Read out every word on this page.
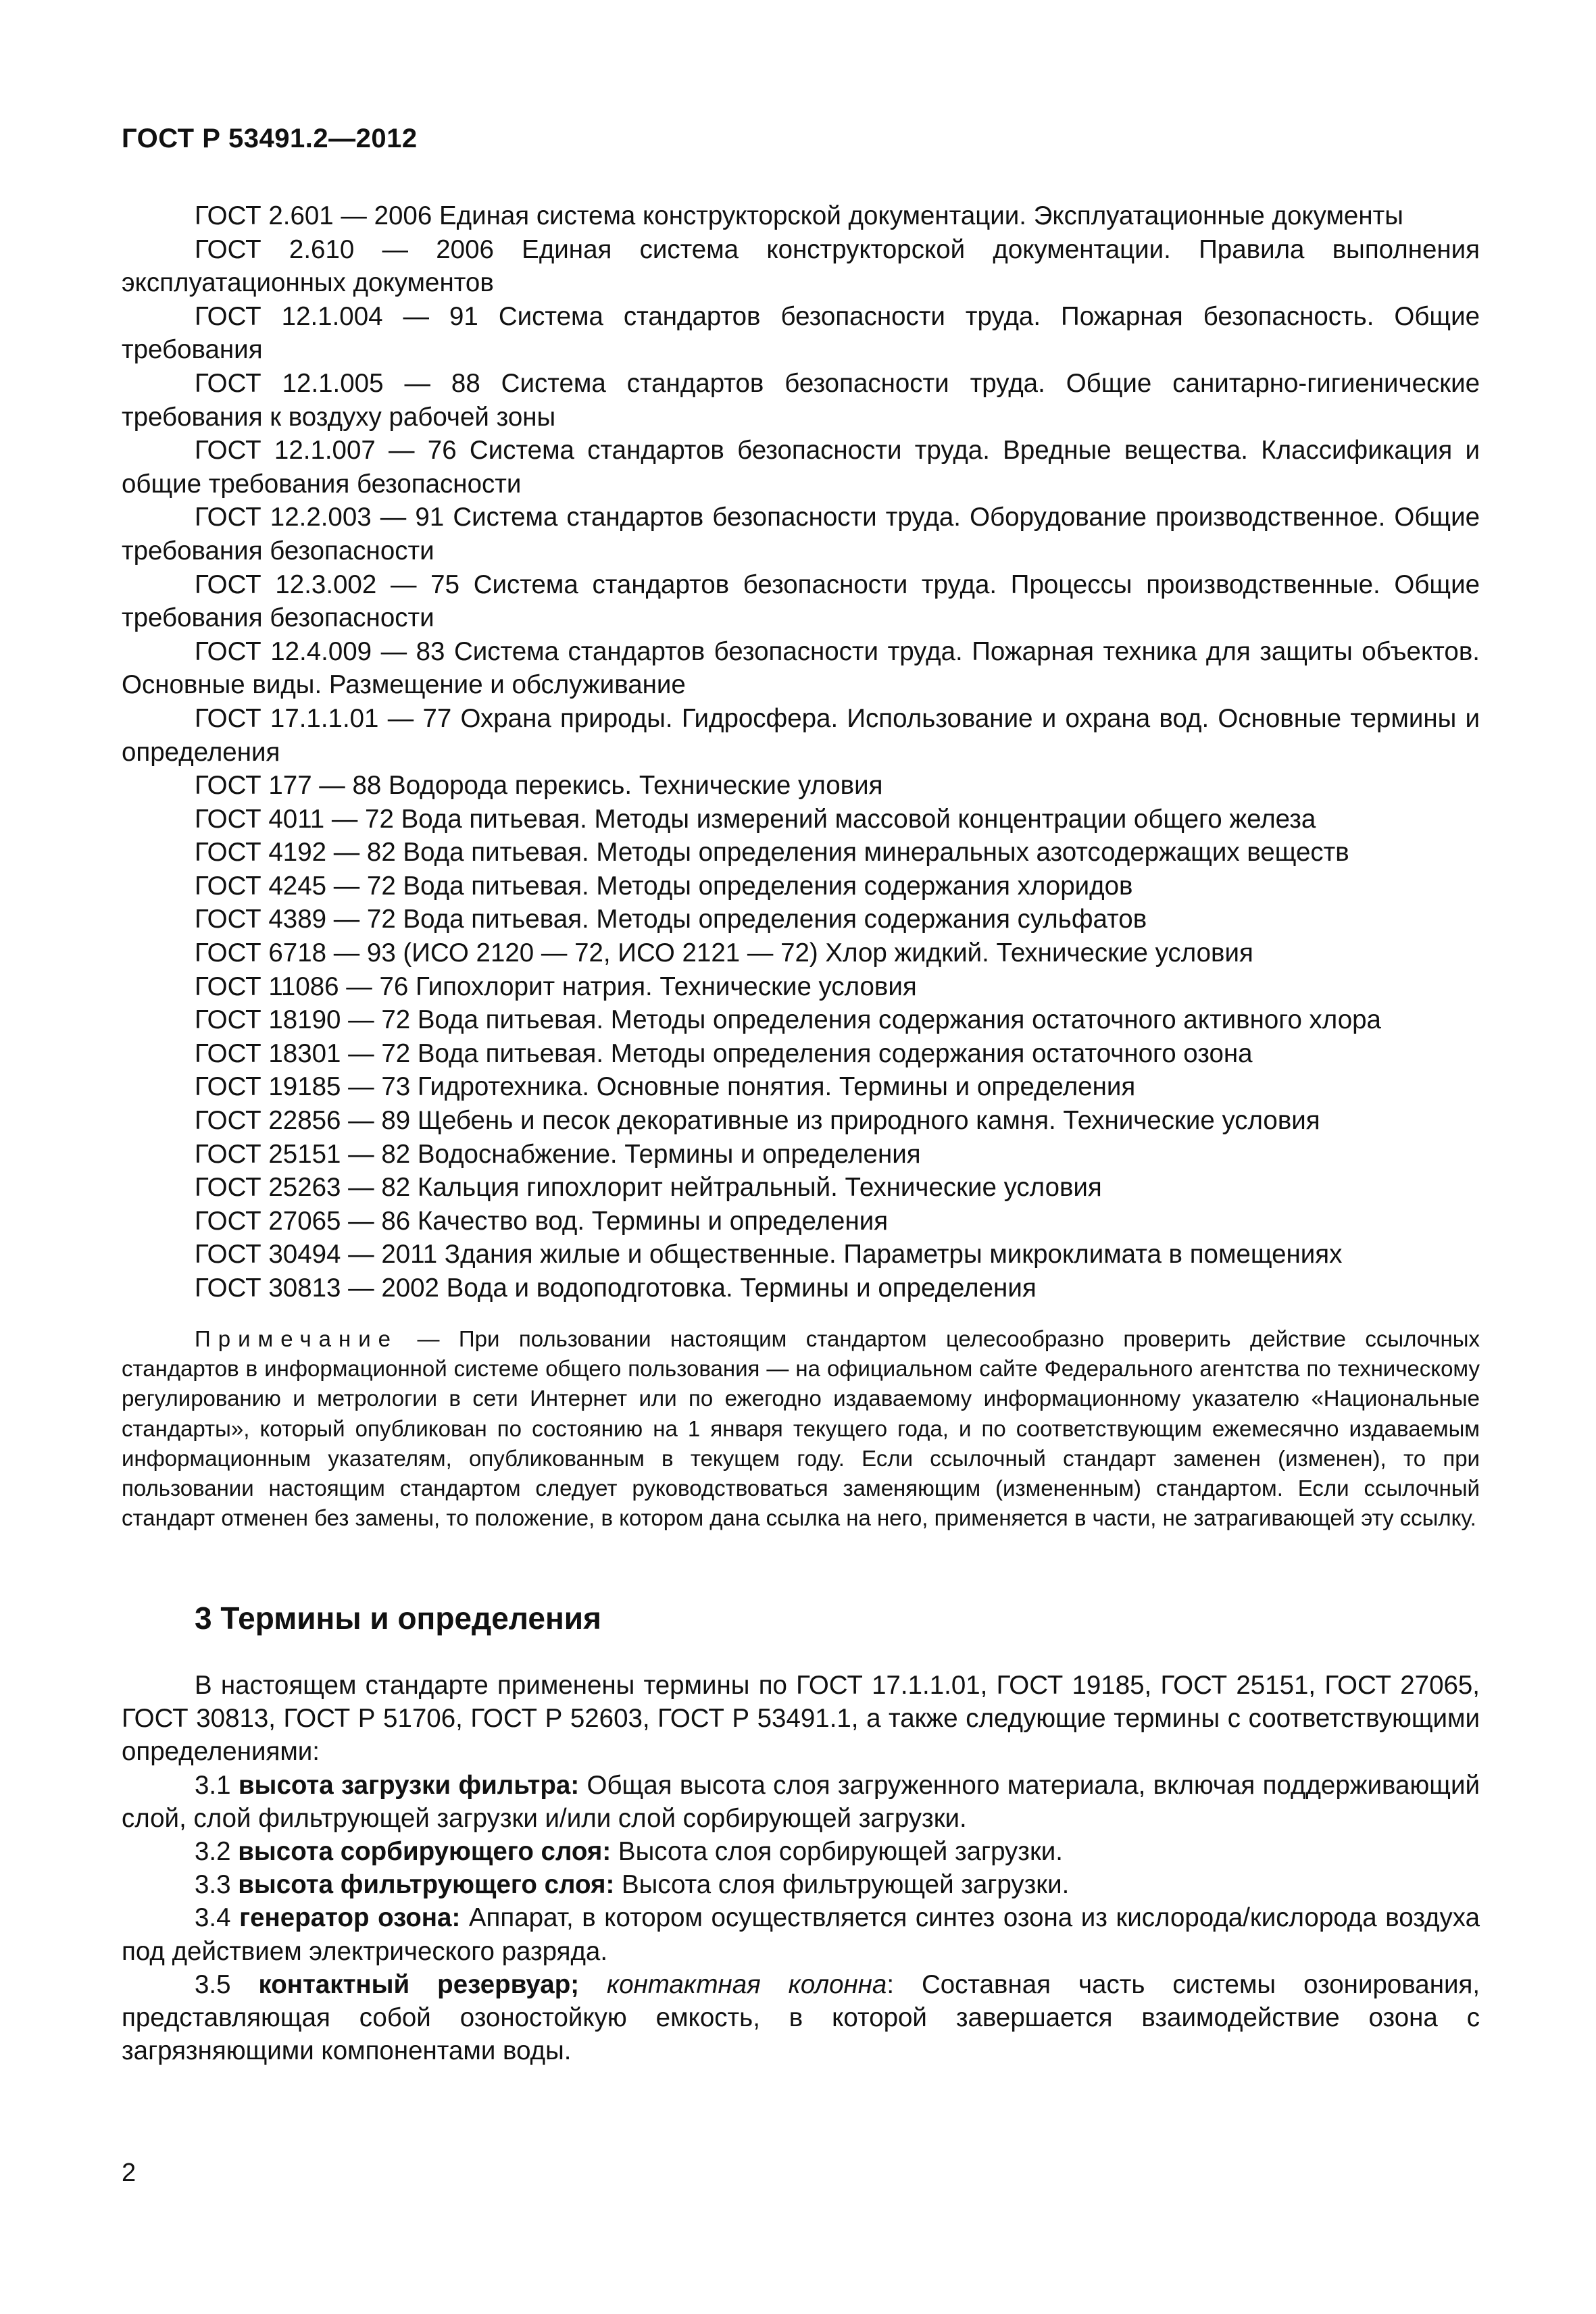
ГОСТ Р 53491.2—2012

ГОСТ 2.601 — 2006 Единая система конструкторской документации. Эксплуатационные документы

ГОСТ 2.610 — 2006 Единая система конструкторской документации. Правила выполнения эксплуатационных документов

ГОСТ 12.1.004 — 91 Система стандартов безопасности труда. Пожарная безопасность. Общие требования

ГОСТ 12.1.005 — 88 Система стандартов безопасности труда. Общие санитарно-гигиенические требования к воздуху рабочей зоны

ГОСТ 12.1.007 — 76 Система стандартов безопасности труда. Вредные вещества. Классификация и общие требования безопасности

ГОСТ 12.2.003 — 91 Система стандартов безопасности труда. Оборудование производственное. Общие требования безопасности

ГОСТ 12.3.002 — 75 Система стандартов безопасности труда. Процессы производственные. Общие требования безопасности

ГОСТ 12.4.009 — 83 Система стандартов безопасности труда. Пожарная техника для защиты объектов. Основные виды. Размещение и обслуживание

ГОСТ 17.1.1.01 — 77 Охрана природы. Гидросфера. Использование и охрана вод. Основные термины и определения

ГОСТ 177 — 88 Водорода перекись. Технические уловия

ГОСТ 4011 — 72 Вода питьевая. Методы измерений массовой концентрации общего железа

ГОСТ 4192 — 82 Вода питьевая. Методы определения минеральных азотсодержащих веществ

ГОСТ 4245 — 72 Вода питьевая. Методы определения содержания хлоридов

ГОСТ 4389 — 72 Вода питьевая. Методы определения содержания сульфатов

ГОСТ 6718 — 93 (ИСО 2120 — 72, ИСО 2121 — 72) Хлор жидкий. Технические условия

ГОСТ 11086 — 76 Гипохлорит натрия. Технические условия

ГОСТ 18190 — 72 Вода питьевая. Методы определения содержания остаточного активного хлора

ГОСТ 18301 — 72 Вода питьевая. Методы определения содержания остаточного озона

ГОСТ 19185 — 73 Гидротехника. Основные понятия. Термины и определения

ГОСТ 22856 — 89 Щебень и песок декоративные из природного камня. Технические условия

ГОСТ 25151 — 82 Водоснабжение. Термины и определения

ГОСТ 25263 — 82 Кальция гипохлорит нейтральный. Технические условия

ГОСТ 27065 — 86 Качество вод. Термины и определения

ГОСТ 30494 — 2011 Здания жилые и общественные. Параметры микроклимата в помещениях

ГОСТ 30813 — 2002 Вода и водоподготовка. Термины и определения

Примечание — При пользовании настоящим стандартом целесообразно проверить действие ссылочных стандартов в информационной системе общего пользования — на официальном сайте Федерального агентства по техническому регулированию и метрологии в сети Интернет или по ежегодно издаваемому информационному указателю «Национальные стандарты», который опубликован по состоянию на 1 января текущего года, и по соответствующим ежемесячно издаваемым информационным указателям, опубликованным в текущем году. Если ссылочный стандарт заменен (изменен), то при пользовании настоящим стандартом следует руководствоваться заменяющим (измененным) стандартом. Если ссылочный стандарт отменен без замены, то положение, в котором дана ссылка на него, применяется в части, не затрагивающей эту ссылку.

3 Термины и определения

В настоящем стандарте применены термины по ГОСТ 17.1.1.01, ГОСТ 19185, ГОСТ 25151, ГОСТ 27065, ГОСТ 30813, ГОСТ Р 51706, ГОСТ Р 52603, ГОСТ Р 53491.1, а также следующие термины с соответствующими определениями:

3.1 высота загрузки фильтра: Общая высота слоя загруженного материала, включая поддерживающий слой, слой фильтрующей загрузки и/или слой сорбирующей загрузки.

3.2 высота сорбирующего слоя: Высота слоя сорбирующей загрузки.

3.3 высота фильтрующего слоя: Высота слоя фильтрующей загрузки.

3.4 генератор озона: Аппарат, в котором осуществляется синтез озона из кислорода/кислорода воздуха под действием электрического разряда.

3.5 контактный резервуар; контактная колонна: Составная часть системы озонирования, представляющая собой озоностойкую емкость, в которой завершается взаимодействие озона с загрязняющими компонентами воды.

2
